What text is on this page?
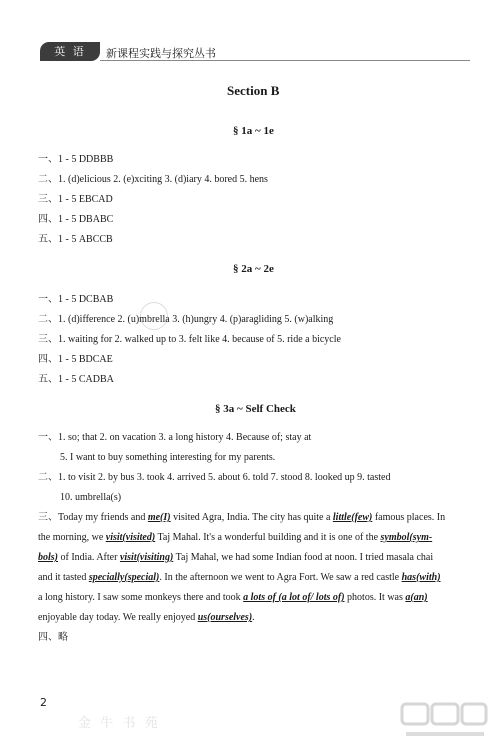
英 语	新课程实践与探究丛书
Section B
§ 1a ~ 1e
一、1 - 5 DDBBB
二、1. (d)elicious 2. (e)xciting 3. (d)iary 4. bored 5. hens
三、1 - 5 EBCAD
四、1 - 5 DBABC
五、1 - 5 ABCCB
§ 2a ~ 2e
一、1 - 5 DCBAB
二、1. (d)ifference 2. (u)mbrella 3. (h)ungry 4. (p)aragliding 5. (w)alking
三、1. waiting for 2. walked up to 3. felt like 4. because of 5. ride a bicycle
四、1 - 5 BDCAE
五、1 - 5 CADBA
§ 3a ~ Self Check
一、1. so; that 2. on vacation 3. a long history 4. Because of; stay at
5. I want to buy something interesting for my parents.
二、1. to visit 2. by bus 3. took 4. arrived 5. about 6. told 7. stood 8. looked up 9. tasted
10. umbrella(s)
三、Today my friends and me(I) visited Agra, India. The city has quite a little(few) famous places. In
the morning, we visit(visited) Taj Mahal. It's a wonderful building and it is one of the symbol(sym-
bols) of India. After visit(visiting) Taj Mahal, we had some Indian food at noon. I tried masala chai
and it tasted specially(special). In the afternoon we went to Agra Fort. We saw a red castle has(with)
a long history. I saw some monkeys there and took a lots of (a lot of/ lots of) photos. It was a(an)
enjoyable day today. We really enjoyed us(ourselves).
四、略
2
金 牛 书 苑
